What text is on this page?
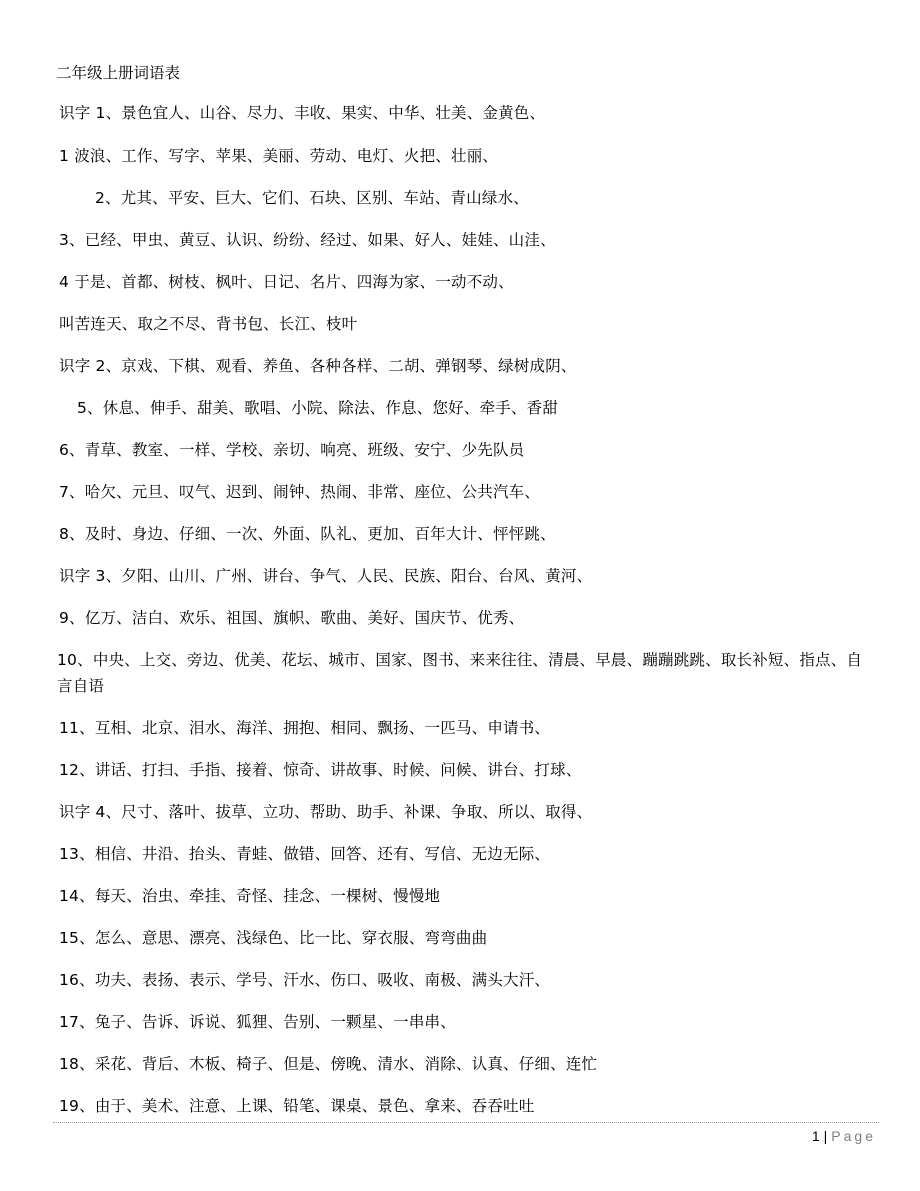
二年级上册词语表
识字 1、景色宜人、山谷、尽力、丰收、果实、中华、壮美、金黄色、
1 波浪、工作、写字、苹果、美丽、劳动、电灯、火把、壮丽、
2、尤其、平安、巨大、它们、石块、区别、车站、青山绿水、
3、已经、甲虫、黄豆、认识、纷纷、经过、如果、好人、娃娃、山洼、
4 于是、首都、树枝、枫叶、日记、名片、四海为家、一动不动、
叫苦连天、取之不尽、背书包、长江、枝叶
识字 2、京戏、下棋、观看、养鱼、各种各样、二胡、弹钢琴、绿树成阴、
5、休息、伸手、甜美、歌唱、小院、除法、作息、您好、牵手、香甜
6、青草、教室、一样、学校、亲切、响亮、班级、安宁、少先队员
7、哈欠、元旦、叹气、迟到、闹钟、热闹、非常、座位、公共汽车、
8、及时、身边、仔细、一次、外面、队礼、更加、百年大计、怦怦跳、
识字 3、夕阳、山川、广州、讲台、争气、人民、民族、阳台、台风、黄河、
9、亿万、洁白、欢乐、祖国、旗帜、歌曲、美好、国庆节、优秀、
10、中央、上交、旁边、优美、花坛、城市、国家、图书、来来往往、清晨、早晨、蹦蹦跳跳、取长补短、指点、自言自语
11、互相、北京、泪水、海洋、拥抱、相同、飘扬、一匹马、申请书、
12、讲话、打扫、手指、接着、惊奇、讲故事、时候、问候、讲台、打球、
识字 4、尺寸、落叶、拔草、立功、帮助、助手、补课、争取、所以、取得、
13、相信、井沿、抬头、青蛙、做错、回答、还有、写信、无边无际、
14、每天、治虫、牵挂、奇怪、挂念、一棵树、慢慢地
15、怎么、意思、漂亮、浅绿色、比一比、穿衣服、弯弯曲曲
16、功夫、表扬、表示、学号、汗水、伤口、吸收、南极、满头大汗、
17、兔子、告诉、诉说、狐狸、告别、一颗星、一串串、
18、采花、背后、木板、椅子、但是、傍晚、清水、消除、认真、仔细、连忙
19、由于、美术、注意、上课、铅笔、课桌、景色、拿来、吞吞吐吐
1 | Page
